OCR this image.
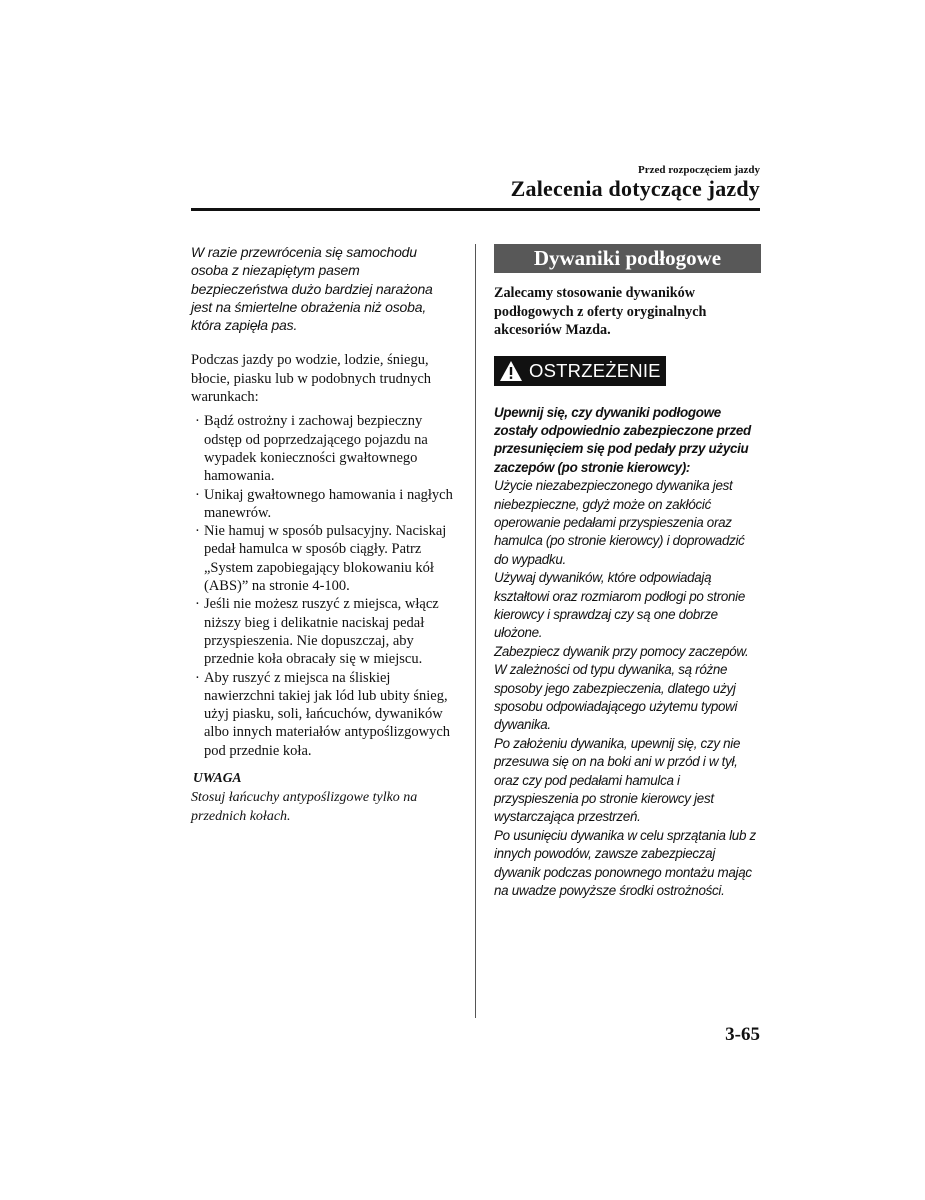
Przed rozpoczęciem jazdy
Zalecenia dotyczące jazdy

W razie przewrócenia się samochodu osoba z niezapiętym pasem bezpieczeństwa dużo bardziej narażona jest na śmiertelne obrażenia niż osoba, która zapięła pas.

Podczas jazdy po wodzie, lodzie, śniegu, błocie, piasku lub w podobnych trudnych warunkach:

· Bądź ostrożny i zachowaj bezpieczny odstęp od poprzedzającego pojazdu na wypadek konieczności gwałtownego hamowania.
· Unikaj gwałtownego hamowania i nagłych manewrów.
· Nie hamuj w sposób pulsacyjny. Naciskaj pedał hamulca w sposób ciągły. Patrz „System zapobiegający blokowaniu kół (ABS)” na stronie 4-100.
· Jeśli nie możesz ruszyć z miejsca, włącz niższy bieg i delikatnie naciskaj pedał przyspieszenia. Nie dopuszczaj, aby przednie koła obracały się w miejscu.
· Aby ruszyć z miejsca na śliskiej nawierzchni takiej jak lód lub ubity śnieg, użyj piasku, soli, łańcuchów, dywaników albo innych materiałów antypoślizgowych pod przednie koła.
UWAGA

Stosuj łańcuchy antypoślizgowe tylko na przednich kołach.

Dywaniki podłogowe

Zalecamy stosowanie dywaników podłogowych z oferty oryginalnych akcesoriów Mazda.

OSTRZEŻENIE

Upewnij się, czy dywaniki podłogowe zostały odpowiednio zabezpieczone przed przesunięciem się pod pedały przy użyciu zaczepów (po stronie kierowcy):

Użycie niezabezpieczonego dywanika jest niebezpieczne, gdyż może on zakłócić operowanie pedałami przyspieszenia oraz hamulca (po stronie kierowcy) i doprowadzić do wypadku.

Używaj dywaników, które odpowiadają kształtowi oraz rozmiarom podłogi po stronie kierowcy i sprawdzaj czy są one dobrze ułożone.

Zabezpiecz dywanik przy pomocy zaczepów.

W zależności od typu dywanika, są różne sposoby jego zabezpieczenia, dlatego użyj sposobu odpowiadającego użytemu typowi dywanika.

Po założeniu dywanika, upewnij się, czy nie przesuwa się on na boki ani w przód i w tył, oraz czy pod pedałami hamulca i przyspieszenia po stronie kierowcy jest wystarczająca przestrzeń.

Po usunięciu dywanika w celu sprzątania lub z innych powodów, zawsze zabezpieczaj dywanik podczas ponownego montażu mając na uwadze powyższe środki ostrożności.

3-65
